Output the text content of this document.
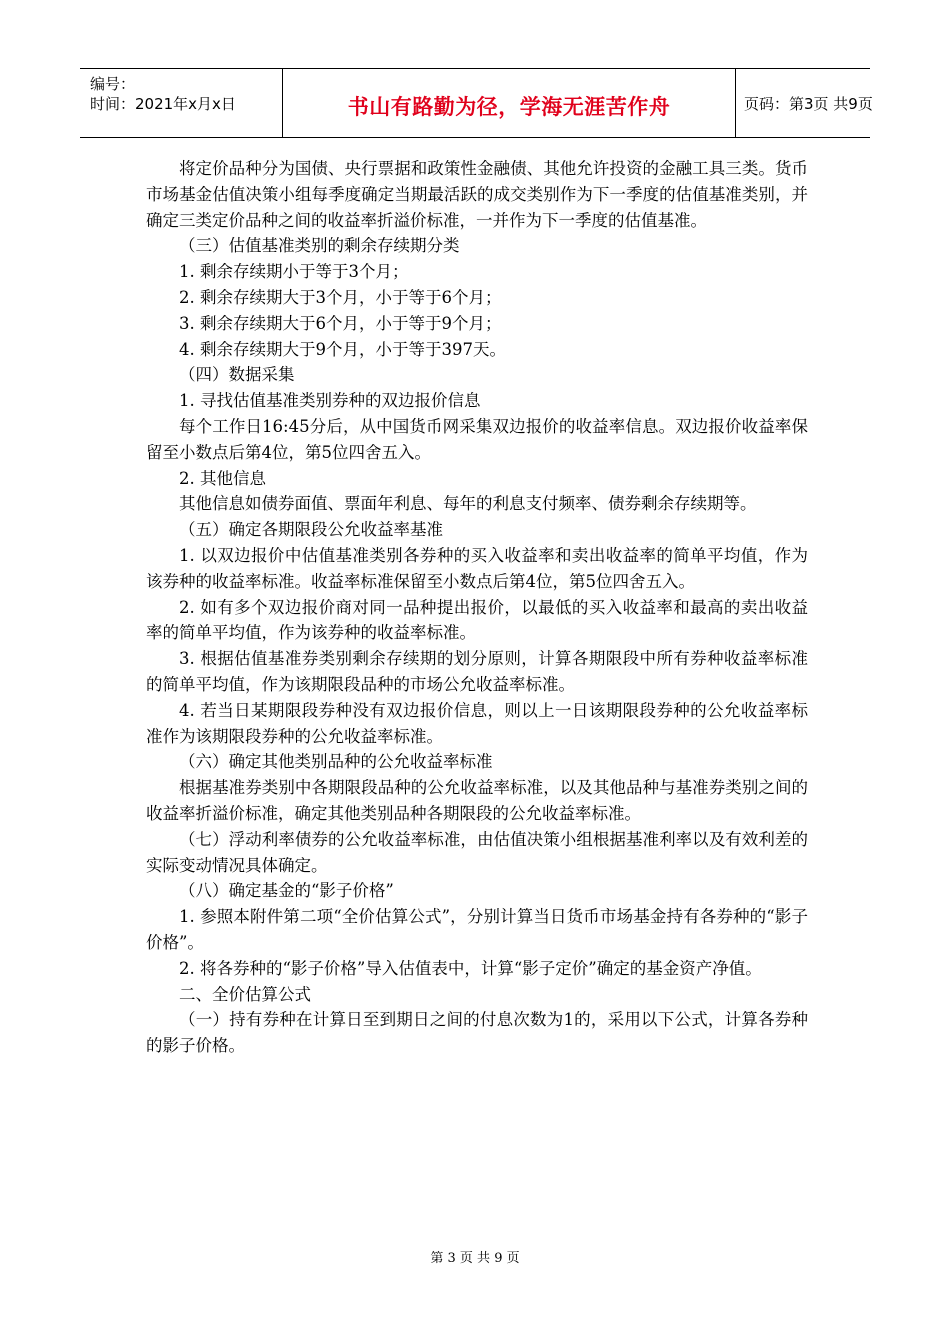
编号：
时间：2021年x月x日	书山有路勤为径，学海无涯苦作舟	页码：第3页 共9页

将定价品种分为国债、央行票据和政策性金融债、其他允许投资的金融工具三类。货币市场基金估值决策小组每季度确定当期最活跃的成交类别作为下一季度的估值基准类别，并确定三类定价品种之间的收益率折溢价标准，一并作为下一季度的估值基准。

（三）估值基准类别的剩余存续期分类

1. 剩余存续期小于等于3个月；

2. 剩余存续期大于3个月，小于等于6个月；

3. 剩余存续期大于6个月，小于等于9个月；

4. 剩余存续期大于9个月，小于等于397天。

（四）数据采集

1. 寻找估值基准类别券种的双边报价信息

每个工作日16:45分后，从中国货币网采集双边报价的收益率信息。双边报价收益率保留至小数点后第4位，第5位四舍五入。

2. 其他信息

其他信息如债券面值、票面年利息、每年的利息支付频率、债券剩余存续期等。

（五）确定各期限段公允收益率基准

1. 以双边报价中估值基准类别各券种的买入收益率和卖出收益率的简单平均值，作为该券种的收益率标准。收益率标准保留至小数点后第4位，第5位四舍五入。

2. 如有多个双边报价商对同一品种提出报价，以最低的买入收益率和最高的卖出收益率的简单平均值，作为该券种的收益率标准。

3. 根据估值基准券类别剩余存续期的划分原则，计算各期限段中所有券种收益率标准的简单平均值，作为该期限段品种的市场公允收益率标准。

4. 若当日某期限段券种没有双边报价信息，则以上一日该期限段券种的公允收益率标准作为该期限段券种的公允收益率标准。

（六）确定其他类别品种的公允收益率标准

根据基准券类别中各期限段品种的公允收益率标准，以及其他品种与基准券类别之间的收益率折溢价标准，确定其他类别品种各期限段的公允收益率标准。

（七）浮动利率债券的公允收益率标准，由估值决策小组根据基准利率以及有效利差的实际变动情况具体确定。

（八）确定基金的“影子价格”

1. 参照本附件第二项“全价估算公式”，分别计算当日货币市场基金持有各券种的“影子价格”。

2. 将各券种的“影子价格”导入估值表中，计算“影子定价”确定的基金资产净值。

二、全价估算公式

（一）持有券种在计算日至到期日之间的付息次数为1的，采用以下公式，计算各券种的影子价格。

第 3 页 共 9 页
